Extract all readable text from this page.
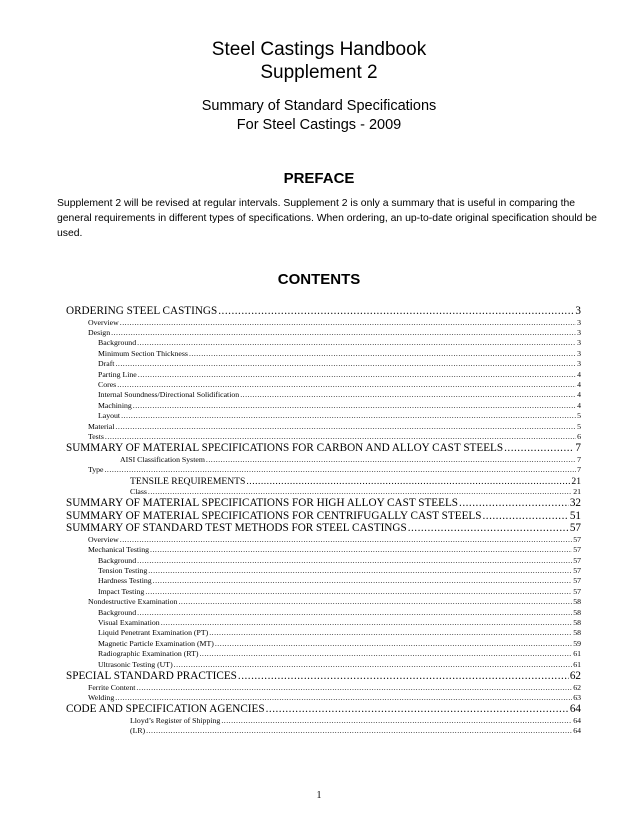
Steel Castings Handbook
Supplement 2
Summary of Standard Specifications
For Steel Castings - 2009
PREFACE
Supplement 2 will be revised at regular intervals. Supplement 2 is only a summary that is useful in comparing the general requirements in different types of specifications. When ordering, an up-to-date original specification should be used.
CONTENTS
ORDERING STEEL CASTINGS .....	3
Overview .....	3
Design .....	3
Background .....	3
Minimum Section Thickness .....	3
Draft .....	3
Parting Line .....	4
Cores .....	4
Internal Soundness/Directional Solidification .....	4
Machining .....	4
Layout .....	5
Material .....	5
Tests .....	6
SUMMARY OF MATERIAL SPECIFICATIONS FOR CARBON AND ALLOY CAST STEELS .....	7
AISI Classification System .....	7
Type .....	7
TENSILE REQUIREMENTS .....	21
Class .....	21
SUMMARY OF MATERIAL SPECIFICATIONS FOR HIGH ALLOY CAST STEELS .....	32
SUMMARY OF MATERIAL SPECIFICATIONS FOR CENTRIFUGALLY CAST STEELS .....	51
SUMMARY OF STANDARD TEST METHODS FOR STEEL CASTINGS .....	57
Overview .....	57
Mechanical Testing .....	57
Background .....	57
Tension Testing .....	57
Hardness Testing .....	57
Impact Testing .....	57
Nondestructive Examination .....	58
Background .....	58
Visual Examination .....	58
Liquid Penetrant Examination (PT) .....	58
Magnetic Particle Examination (MT) .....	59
Radiographic Examination (RT) .....	61
Ultrasonic Testing (UT) .....	61
SPECIAL STANDARD PRACTICES .....	62
Ferrite Content .....	62
Welding .....	63
CODE AND SPECIFICATION AGENCIES .....	64
Lloyd’s Register of Shipping .....	64
(LR) .....	64
1
